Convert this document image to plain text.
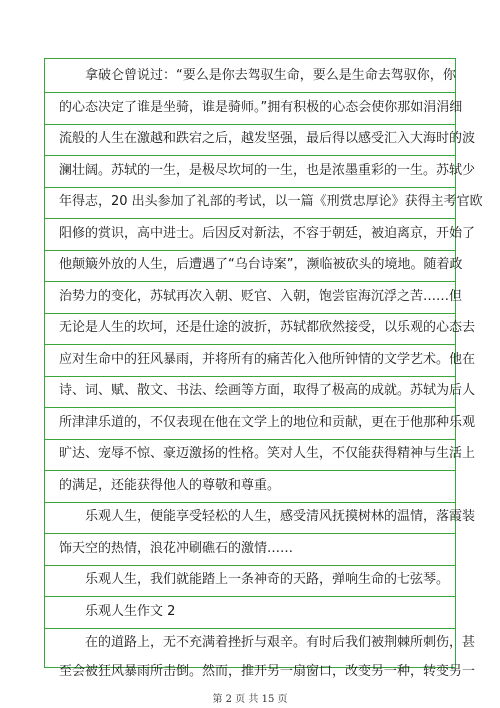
拿破仑曾说过：“要么是你去驾驭生命，要么是生命去驾驭你，你
的心态决定了谁是坐骑，谁是骑师。”拥有积极的心态会使你那如涓涓细
流般的人生在激越和跌宕之后，越发坚强，最后得以感受汇入大海时的波
澜壮阔。苏轼的一生，是极尽坎坷的一生，也是浓墨重彩的一生。苏轼少
年得志，20 出头参加了礼部的考试，以一篇《刑赏忠厚论》获得主考官欧
阳修的赏识，高中进士。后因反对新法，不容于朝廷，被迫离京，开始了
他颠簸外放的人生，后遭遇了“乌台诗案”，濒临被砍头的境地。随着政
治势力的变化，苏轼再次入朝、贬官、入朝，饱尝宦海沉浮之苦……但
无论是人生的坎坷，还是仕途的波折，苏轼都欣然接受，以乐观的心态去
应对生命中的狂风暴雨，并将所有的痛苦化入他所钟情的文学艺术。他在
诗、词、赋、散文、书法、绘画等方面，取得了极高的成就。苏轼为后人
所津津乐道的，不仅表现在他在文学上的地位和贡献，更在于他那种乐观
旷达、宠辱不惊、豪迈激扬的性格。笑对人生，不仅能获得精神与生活上
的满足，还能获得他人的尊敬和尊重。
乐观人生，便能享受轻松的人生，感受清风抚摸树林的温情，落霞装
饰天空的热情，浪花冲刷礁石的激情……
乐观人生，我们就能踏上一条神奇的天路，弹响生命的七弦琴。
乐观人生作文 2
在的道路上，无不充满着挫折与艰辛。有时后我们被荆棘所刺伤，甚
至会被狂风暴雨所击倒。然而，推开另一扇窗口，改变另一种，转变另一
第 2 页 共 15 页
